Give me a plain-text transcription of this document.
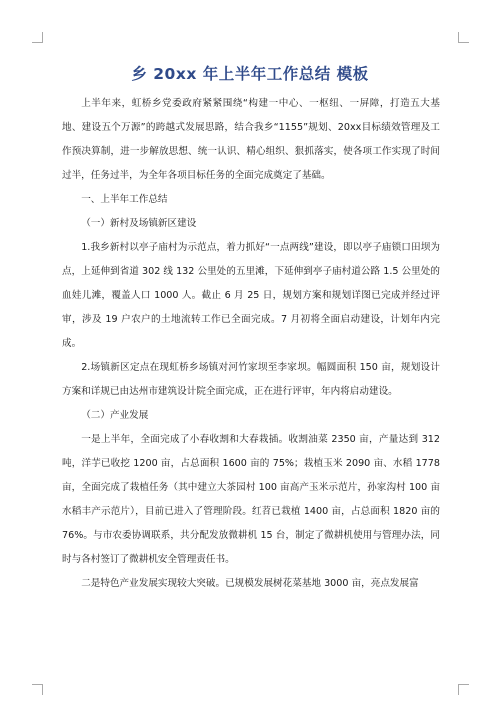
乡 20xx 年上半年工作总结 模板

上半年来，虹桥乡党委政府紧紧围绕“构建一中心、一枢纽、一屏障，打造五大基地、建设五个万源”的跨越式发展思路，结合我乡“1155”规划、20xx目标绩效管理及工作预决算制，进一步解放思想、统一认识、精心组织、狠抓落实，使各项工作实现了时间过半，任务过半，为全年各项目标任务的全面完成奠定了基础。

一、上半年工作总结

（一）新村及场镇新区建设

1.我乡新村以亭子庙村为示范点，着力抓好“一点两线”建设，即以亭子庙锁口田坝为点，上延伸到省道 302 线 132 公里处的五里滩，下延伸到亭子庙村道公路 1.5 公里处的血娃儿滩，覆盖人口 1000 人。截止 6 月 25 日，规划方案和规划详图已完成并经过评审，涉及 19 户农户的土地流转工作已全面完成。7 月初将全面启动建设，计划年内完成。

2.场镇新区定点在现虹桥乡场镇对河竹家坝至李家坝。幅圆面积 150 亩，规划设计方案和详规已由达州市建筑设计院全面完成，正在进行评审，年内将启动建设。

（二）产业发展

一是上半年，全面完成了小春收割和大春栽插。收割油菜 2350 亩，产量达到 312 吨，洋芋已收挖 1200 亩，占总面积 1600 亩的 75%；栽植玉米 2090 亩、水稻 1778 亩，全面完成了栽植任务（其中建立大茶园村 100 亩高产玉米示范片，孙家沟村 100 亩水稻丰产示范片），目前已进入了管理阶段。红苕已栽植 1400 亩，占总面积 1820 亩的 76%。与市农委协调联系，共分配发放微耕机 15 台，制定了微耕机使用与管理办法，同时与各村签订了微耕机安全管理责任书。

二是特色产业发展实现较大突破。已规模发展树花菜基地 3000 亩，亮点发展富
